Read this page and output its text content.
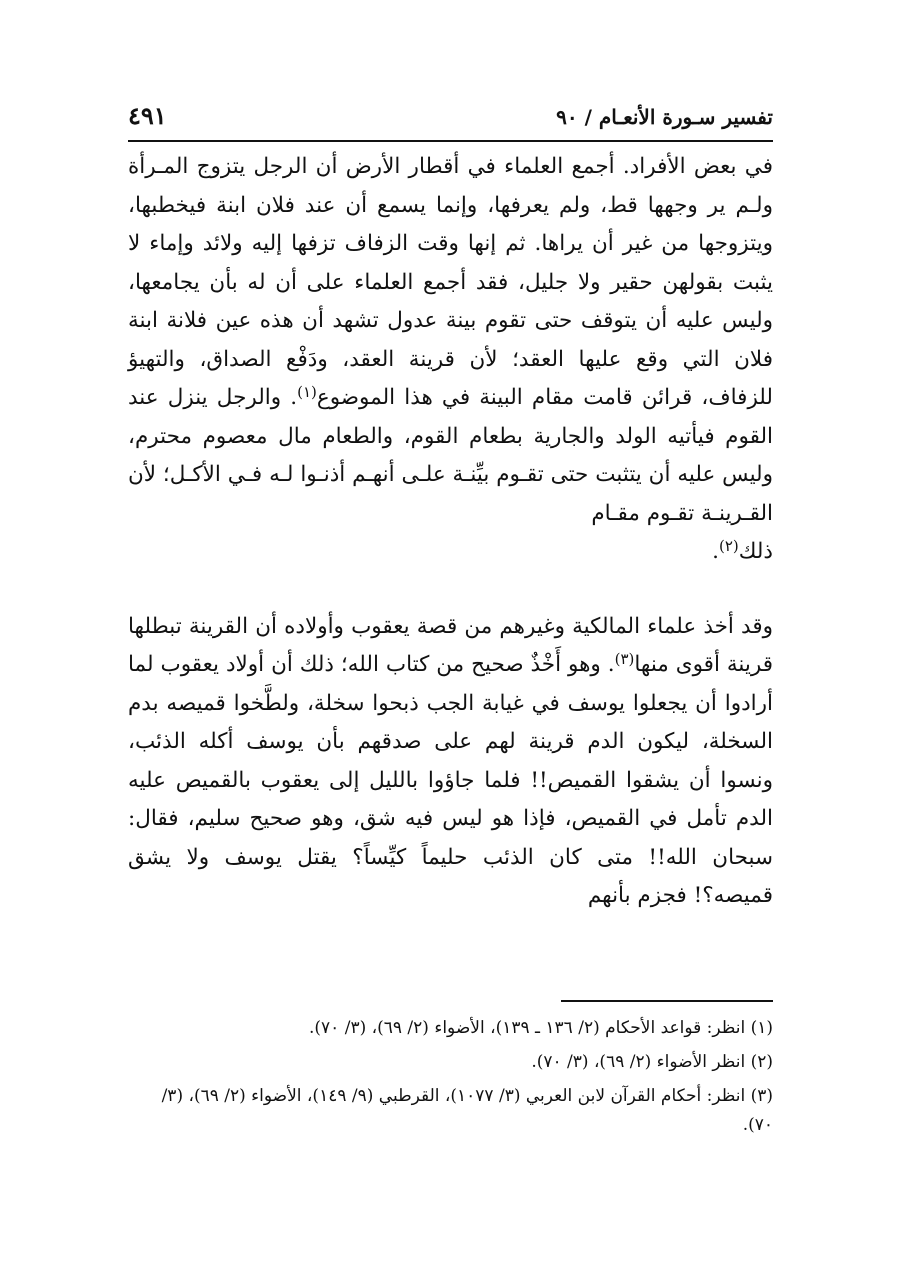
تفسير سـورة الأنعـام / ٩٠
٤٩١

في بعض الأفراد. أجمع العلماء في أقطار الأرض أن الرجل يتزوج المـرأة ولـم ير وجهها قط، ولم يعرفها، وإنما يسمع أن عند فلان ابنة فيخطبها، ويتزوجها من غير أن يراها. ثم إنها وقت الزفاف تزفها إليه ولائد وإماء لا يثبت بقولهن حقير ولا جليل، فقد أجمع العلماء على أن له بأن يجامعها، وليس عليه أن يتوقف حتى تقوم بينة عدول تشهد أن هذه عين فلانة ابنة فلان التي وقع عليها العقد؛ لأن قرينة العقد، ودَفْع الصداق، والتهيؤ للزفاف، قرائن قامت مقام البينة في هذا الموضوع$^{(١)}$. والرجل ينزل عند القوم فيأتيه الولد والجارية بطعام القوم، والطعام مال معصوم محترم، وليس عليه أن يتثبت حتى تقـوم بيِّنـة علـى أنهـم أذنـوا لـه فـي الأكـل؛ لأن القـرينـة تقـوم مقـام
ذلك$^{(٢)}$.

وقد أخذ علماء المالكية وغيرهم من قصة يعقوب وأولاده أن القرينة تبطلها قرينة أقوى منها$^{(٣)}$. وهو أَخْذٌ صحيح من كتاب الله؛ ذلك أن أولاد يعقوب لما أرادوا أن يجعلوا يوسف في غيابة الجب ذبحوا سخلة، ولطَّخوا قميصه بدم السخلة، ليكون الدم قرينة لهم على صدقهم بأن يوسف أكله الذئب، ونسوا أن يشقوا القميص!! فلما جاؤوا بالليل إلى يعقوب بالقميص عليه الدم تأمل في القميص، فإذا هو ليس فيه شق، وهو صحيح سليم، فقال: سبحان الله!! متى كان الذئب حليماً كيِّساً؟ يقتل يوسف ولا يشق قميصه؟! فجزم بأنهم

(١) انظر: قواعد الأحكام (٢/ ١٣٦ ـ ١٣٩)، الأضواء (٢/ ٦٩)، (٣/ ٧٠).

(٢) انظر الأضواء (٢/ ٦٩)، (٣/ ٧٠).

(٣) انظر: أحكام القرآن لابن العربي (٣/ ١٠٧٧)، القرطبي (٩/ ١٤٩)، الأضواء (٢/ ٦٩)، (٣/ ٧٠).
